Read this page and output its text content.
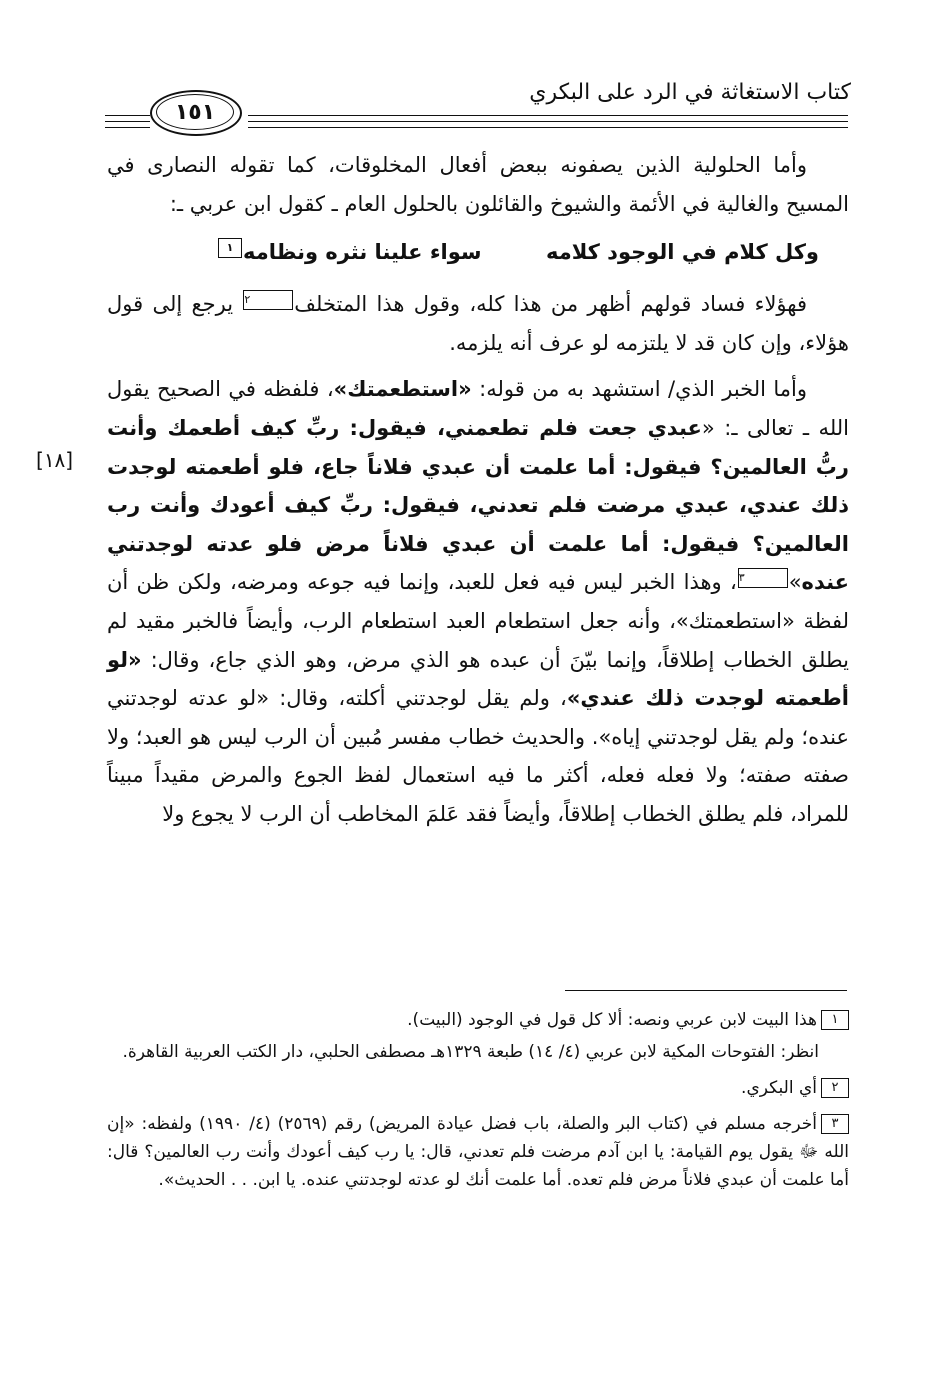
كتاب الاستغاثة في الرد على البكري
١٥١
[١٨]

وأما الحلولية الذين يصفونه ببعض أفعال المخلوقات، كما تقوله النصارى في المسيح والغالية في الأئمة والشيوخ والقائلون بالحلول العام ـ كقول ابن عربي ـ:

وكل كلام في الوجود كلامه
سواء علينا نثره ونظامه١

فهؤلاء فساد قولهم أظهر من هذا كله، وقول هذا المتخلف٢ يرجع إلى قول هؤلاء، وإن كان قد لا يلتزمه لو عرف أنه يلزمه.

وأما الخبر الذي/ استشهد به من قوله: «استطعمتك»، فلفظه في الصحيح يقول الله ـ تعالى ـ: «عبدي جعت فلم تطعمني، فيقول: ربِّ كيف أطعمك وأنت ربُّ العالمين؟ فيقول: أما علمت أن عبدي فلاناً جاع، فلو أطعمته لوجدت ذلك عندي، عبدي مرضت فلم تعدني، فيقول: ربِّ كيف أعودك وأنت رب العالمين؟ فيقول: أما علمت أن عبدي فلاناً مرض فلو عدته لوجدتني عنده»٣، وهذا الخبر ليس فيه فعل للعبد، وإنما فيه جوعه ومرضه، ولكن ظن أن لفظة «استطعمتك»، وأنه جعل استطعام العبد استطعام الرب، وأيضاً فالخبر مقيد لم يطلق الخطاب إطلاقاً، وإنما بيّنَ أن عبده هو الذي مرض، وهو الذي جاع، وقال: «لو أطعمته لوجدت ذلك عندي»، ولم يقل لوجدتني أكلته، وقال: «لو عدته لوجدتني عنده؛ ولم يقل لوجدتني إياه». والحديث خطاب مفسر مُبين أن الرب ليس هو العبد؛ ولا صفته صفته؛ ولا فعله فعله، أكثر ما فيه استعمال لفظ الجوع والمرض مقيداً مبيناً للمراد، فلم يطلق الخطاب إطلاقاً، وأيضاً فقد عَلمَ المخاطب أن الرب لا يجوع ولا

١هذا البيت لابن عربي ونصه: ألا كل قول في الوجود (البيت).

انظر: الفتوحات المكية لابن عربي (٤/ ١٤) طبعة ١٣٢٩هـ مصطفى الحلبي، دار الكتب العربية القاهرة.

٢أي البكري.

٣أخرجه مسلم في (كتاب البر والصلة، باب فضل عيادة المريض) رقم (٢٥٦٩) (٤/ ١٩٩٠) ولفظه: «إن الله ﷻ يقول يوم القيامة: يا ابن آدم مرضت فلم تعدني، قال: يا رب كيف أعودك وأنت رب العالمين؟ قال: أما علمت أن عبدي فلاناً مرض فلم تعده. أما علمت أنك لو عدته لوجدتني عنده. يا ابن. . . الحديث».
